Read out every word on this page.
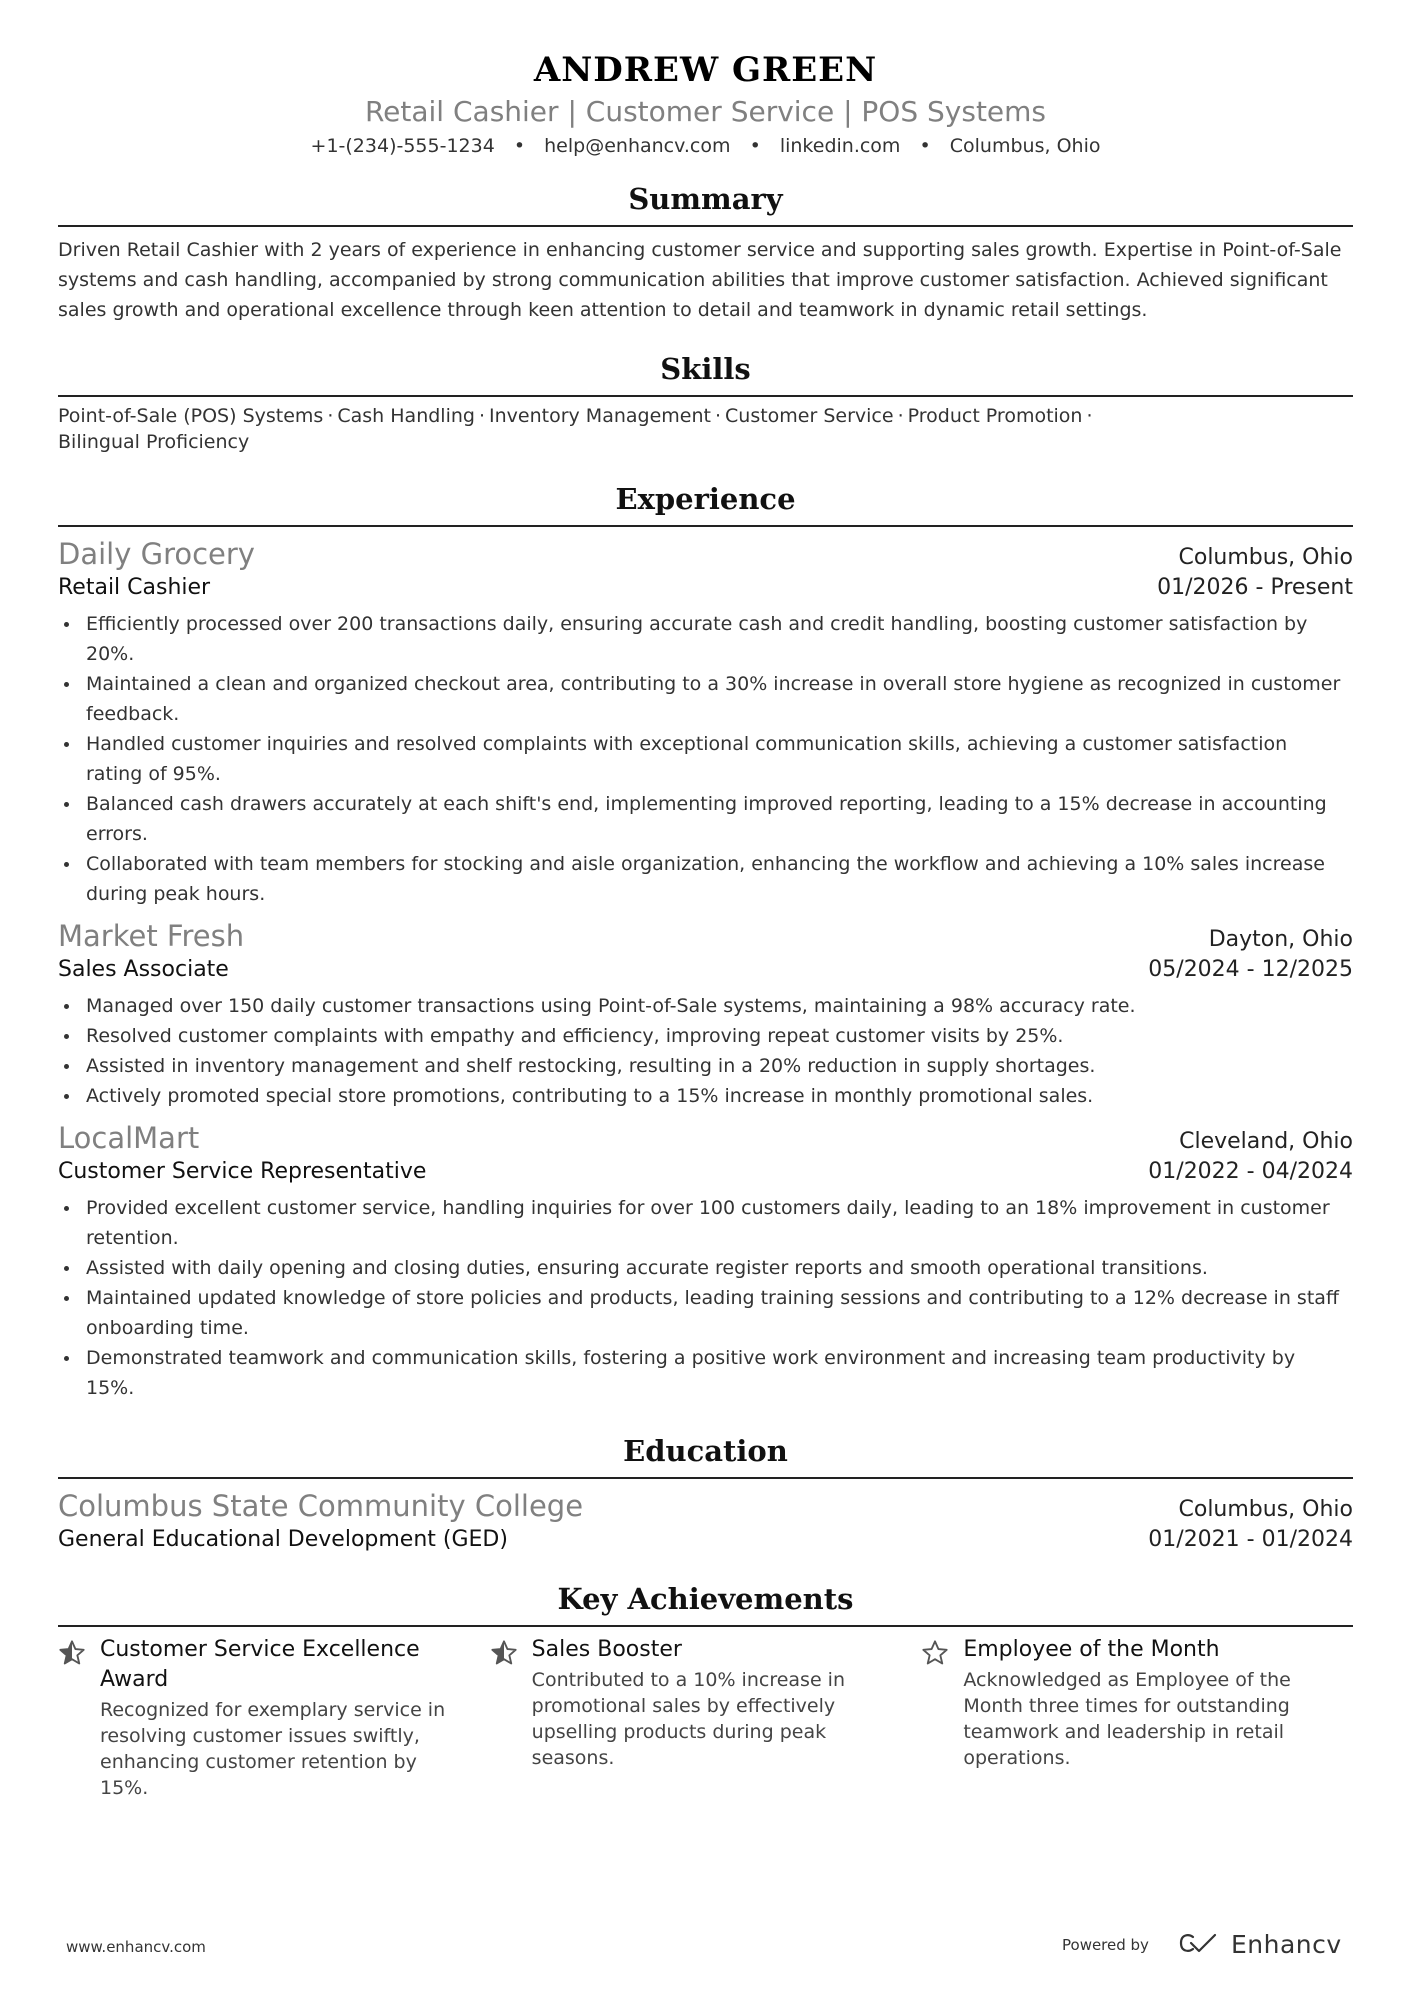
ANDREW GREEN
Retail Cashier | Customer Service | POS Systems
+1-(234)-555-1234 • help@enhancv.com • linkedin.com • Columbus, Ohio
Summary
Driven Retail Cashier with 2 years of experience in enhancing customer service and supporting sales growth. Expertise in Point-of-Sale systems and cash handling, accompanied by strong communication abilities that improve customer satisfaction. Achieved significant sales growth and operational excellence through keen attention to detail and teamwork in dynamic retail settings.
Skills
Point-of-Sale (POS) Systems · Cash Handling · Inventory Management · Customer Service · Product Promotion ·
Bilingual Proficiency
Experience
Daily Grocery	Columbus, Ohio
Retail Cashier	01/2026 - Present
Efficiently processed over 200 transactions daily, ensuring accurate cash and credit handling, boosting customer satisfaction by 20%.
Maintained a clean and organized checkout area, contributing to a 30% increase in overall store hygiene as recognized in customer feedback.
Handled customer inquiries and resolved complaints with exceptional communication skills, achieving a customer satisfaction rating of 95%.
Balanced cash drawers accurately at each shift's end, implementing improved reporting, leading to a 15% decrease in accounting errors.
Collaborated with team members for stocking and aisle organization, enhancing the workflow and achieving a 10% sales increase during peak hours.
Market Fresh	Dayton, Ohio
Sales Associate	05/2024 - 12/2025
Managed over 150 daily customer transactions using Point-of-Sale systems, maintaining a 98% accuracy rate.
Resolved customer complaints with empathy and efficiency, improving repeat customer visits by 25%.
Assisted in inventory management and shelf restocking, resulting in a 20% reduction in supply shortages.
Actively promoted special store promotions, contributing to a 15% increase in monthly promotional sales.
LocalMart	Cleveland, Ohio
Customer Service Representative	01/2022 - 04/2024
Provided excellent customer service, handling inquiries for over 100 customers daily, leading to an 18% improvement in customer retention.
Assisted with daily opening and closing duties, ensuring accurate register reports and smooth operational transitions.
Maintained updated knowledge of store policies and products, leading training sessions and contributing to a 12% decrease in staff onboarding time.
Demonstrated teamwork and communication skills, fostering a positive work environment and increasing team productivity by 15%.
Education
Columbus State Community College	Columbus, Ohio
General Educational Development (GED)	01/2021 - 01/2024
Key Achievements
Customer Service Excellence Award
Recognized for exemplary service in resolving customer issues swiftly, enhancing customer retention by 15%.
Sales Booster
Contributed to a 10% increase in promotional sales by effectively upselling products during peak seasons.
Employee of the Month
Acknowledged as Employee of the Month three times for outstanding teamwork and leadership in retail operations.
www.enhancv.com	Powered by	Enhancv
